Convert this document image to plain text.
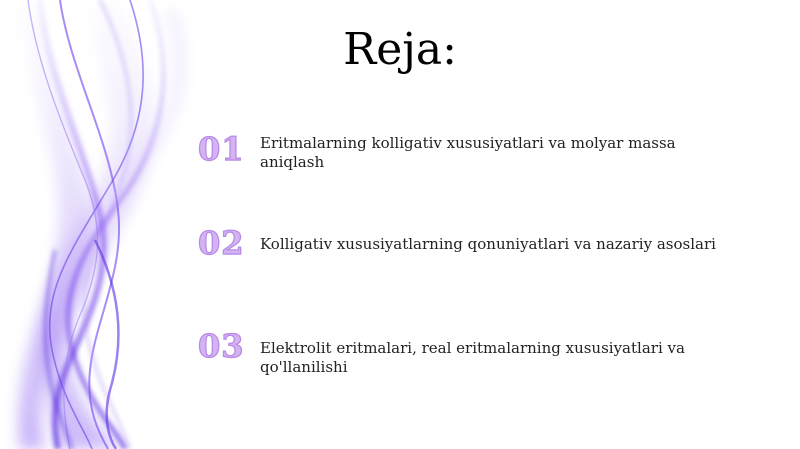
Reja:
01 Eritmalarning kolligativ xususiyatlari va molyar massa aniqlash
02 Kolligativ xususiyatlarning qonuniyatlari va nazariy asoslari
03 Elektrolit eritmalari, real eritmalarning xususiyatlari va qo'llanilishi
